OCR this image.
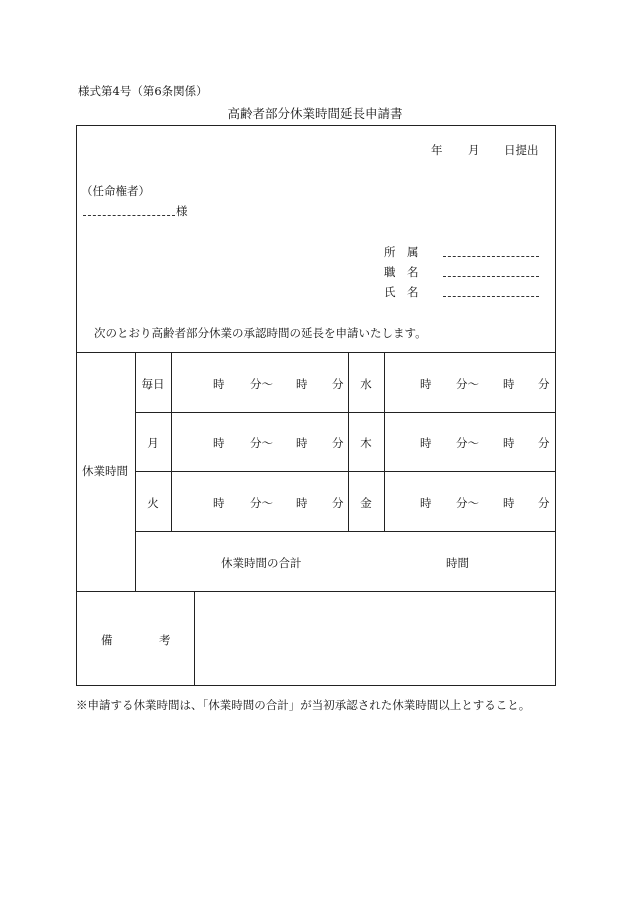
様式第4号（第6条関係）
高齢者部分休業時間延長申請書
年 月 日提出
（任命権者）
様
所　属
職　名
氏　名
次のとおり高齢者部分休業の承認時間の延長を申請いたします。
休業時間
毎日	時 分～ 時 分	水	時 分～ 時 分
月	時 分～ 時 分	木	時 分～ 時 分
火	時 分～ 時 分	金	時 分～ 時 分
休業時間の合計	時間
備	考
※申請する休業時間は、「休業時間の合計」が当初承認された休業時間以上とすること。
